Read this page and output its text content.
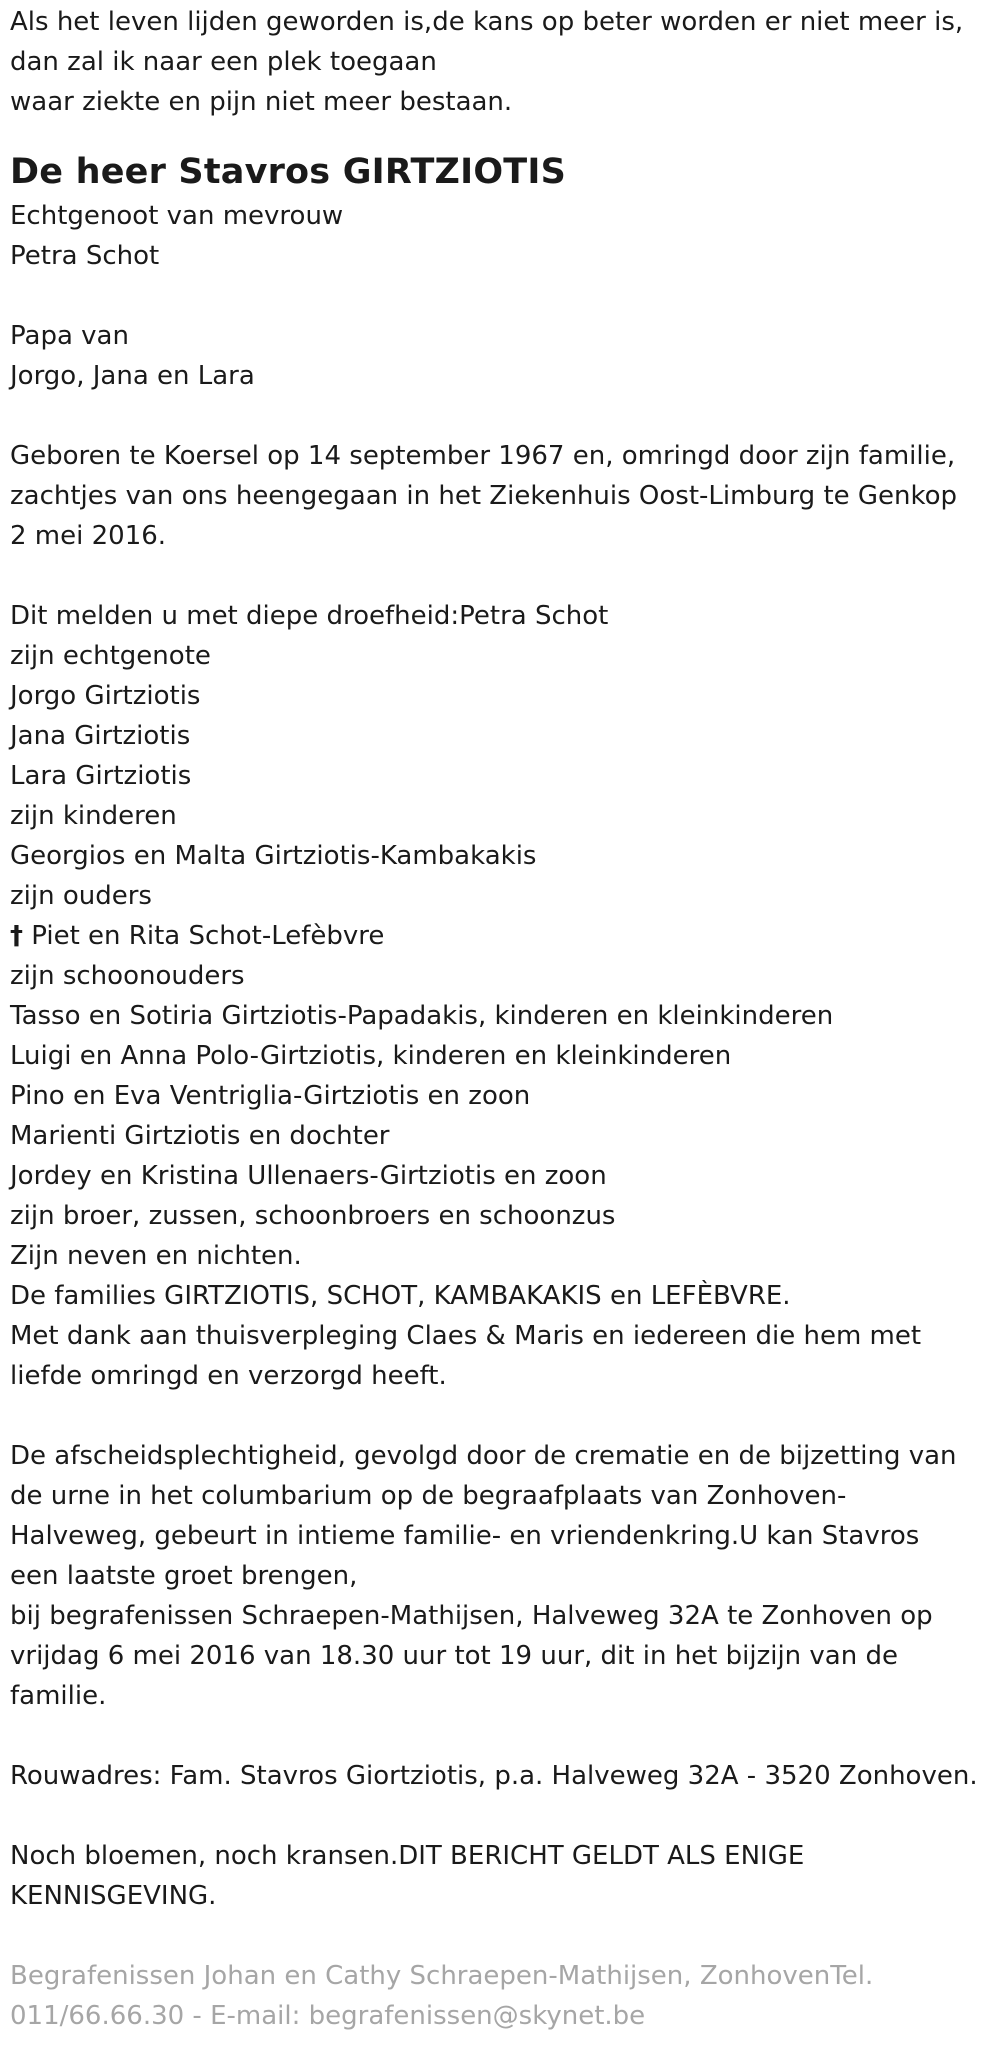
Als het leven lijden geworden is,de kans op beter worden er niet meer is,
dan zal ik naar een plek toegaan
waar ziekte en pijn niet meer bestaan.
De heer Stavros GIRTZIOTIS
Echtgenoot van mevrouw
Petra Schot
Papa van
Jorgo, Jana en Lara
Geboren te Koersel op 14 september 1967 en, omringd door zijn familie,
zachtjes van ons heengegaan in het Ziekenhuis Oost-Limburg te Genkop
2 mei 2016.
Dit melden u met diepe droefheid:Petra Schot
zijn echtgenote
Jorgo Girtziotis
Jana Girtziotis
Lara Girtziotis
zijn kinderen
Georgios en Malta Girtziotis-Kambakakis
zijn ouders
† Piet en Rita Schot-Lefèbvre
zijn schoonouders
Tasso en Sotiria Girtziotis-Papadakis, kinderen en kleinkinderen
Luigi en Anna Polo-Girtziotis, kinderen en kleinkinderen
Pino en Eva Ventriglia-Girtziotis en zoon
Marienti Girtziotis en dochter
Jordey en Kristina Ullenaers-Girtziotis en zoon
zijn broer, zussen, schoonbroers en schoonzus
Zijn neven en nichten.
De families GIRTZIOTIS, SCHOT, KAMBAKAKIS en LEFÈBVRE.
Met dank aan thuisverpleging Claes & Maris en iedereen die hem met
liefde omringd en verzorgd heeft.
De afscheidsplechtigheid, gevolgd door de crematie en de bijzetting van
de urne in het columbarium op de begraafplaats van Zonhoven-
Halveweg, gebeurt in intieme familie- en vriendenkring.U kan Stavros
een laatste groet brengen,
bij begrafenissen Schraepen-Mathijsen, Halveweg 32A te Zonhoven op
vrijdag 6 mei 2016 van 18.30 uur tot 19 uur, dit in het bijzijn van de
familie.
Rouwadres: Fam. Stavros Giortziotis, p.a. Halveweg 32A - 3520 Zonhoven.
Noch bloemen, noch kransen.DIT BERICHT GELDT ALS ENIGE
KENNISGEVING.
Begrafenissen Johan en Cathy Schraepen-Mathijsen, ZonhovenTel.
011/66.66.30 - E-mail: begrafenissen@skynet.be
